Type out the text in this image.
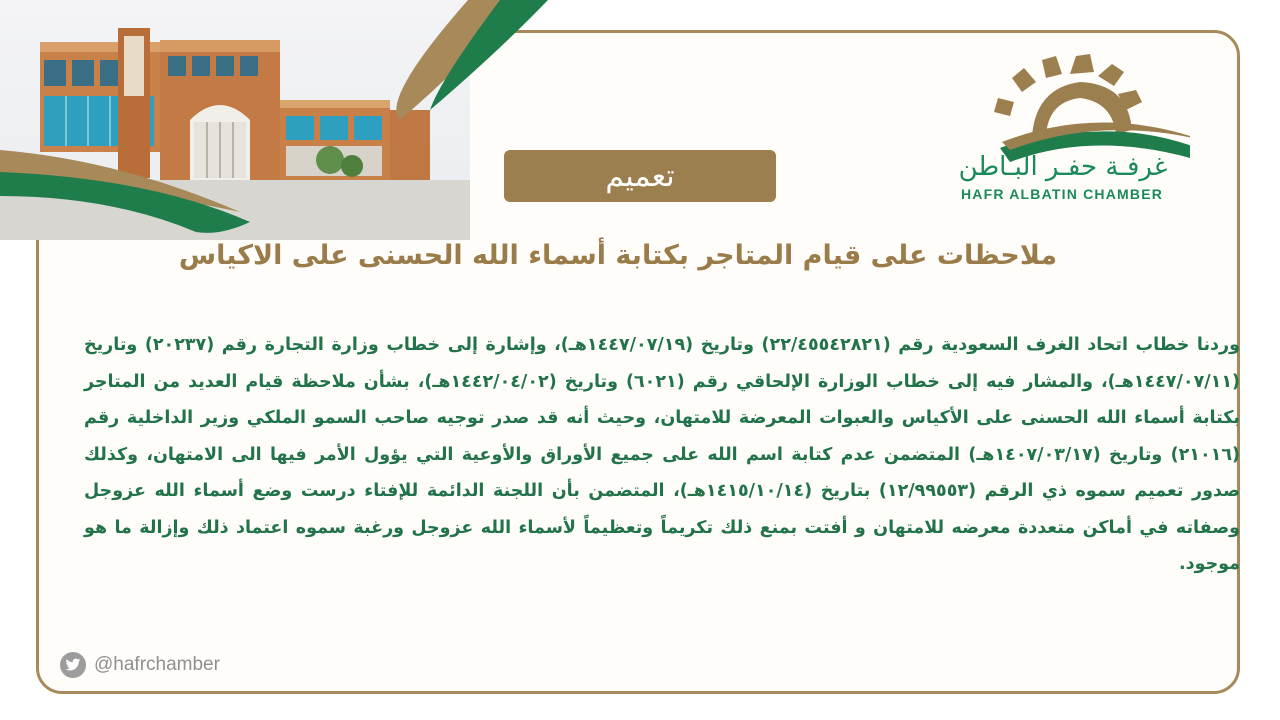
غرفـة حفـر البـاطن
HAFR ALBATIN CHAMBER
تعميم
ملاحظات على قيام المتاجر بكتابة أسماء الله الحسنى على الاكياس
وردنا خطاب اتحاد الغرف السعودية رقم (٢٢/٤٥٥٤٢٨٢١) وتاريخ (١٤٤٧/٠٧/١٩هـ)، وإشارة إلى خطاب وزارة التجارة رقم (٢٠٢٣٧) وتاريخ (١٤٤٧/٠٧/١١هـ)، والمشار فيه إلى خطاب الوزارة الإلحاقي رقم (٦٠٢١) وتاريخ (١٤٤٢/٠٤/٠٢هـ)، بشأن ملاحظة قيام العديد من المتاجر بكتابة أسماء الله الحسنى على الأكياس والعبوات المعرضة للامتهان، وحيث أنه قد صدر توجيه صاحب السمو الملكي وزير الداخلية رقم (٢١٠١٦) وتاريخ (١٤٠٧/٠٣/١٧هـ) المتضمن عدم كتابة اسم الله على جميع الأوراق والأوعية التي يؤول الأمر فيها الى الامتهان، وكذلك صدور تعميم سموه ذي الرقم (١٢/٩٩٥٥٣) بتاريخ (١٤١٥/١٠/١٤هـ)، المتضمن بأن اللجنة الدائمة للإفتاء درست وضع أسماء الله عزوجل وصفاته في أماكن متعددة معرضه للامتهان و أفتت بمنع ذلك تكريماً وتعظيماً لأسماء الله عزوجل ورغبة سموه اعتماد ذلك وإزالة ما هو موجود.
@hafrchamber
